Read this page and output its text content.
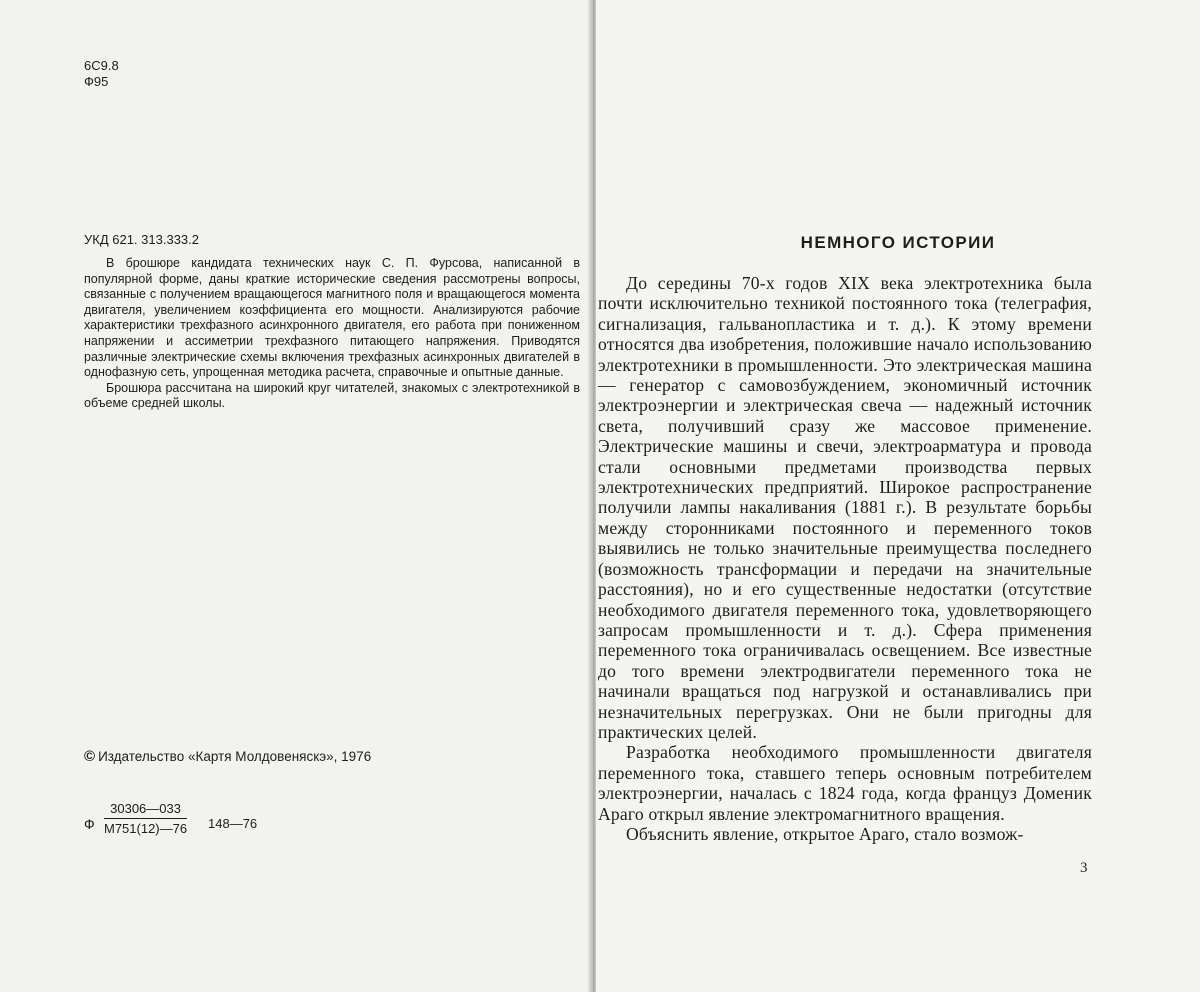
6С9.8
Ф95
УКД 621. 313.333.2

В брошюре кандидата технических наук С. П. Фурсова, написанной в популярной форме, даны краткие исторические сведения рассмотрены вопросы, связанные с получением вращающегося магнитного поля и вращающегося момента двигателя, увеличением коэффициента его мощности. Анализируются рабочие характеристики трехфазного асинхронного двигателя, его работа при пониженном напряжении и ассиметрии трехфазного питающего напряжения. Приводятся различные электрические схемы включения трехфазных асинхронных двигателей в однофазную сеть, упрощенная методика расчета, справочные и опытные данные.

Брошюра рассчитана на широкий круг читателей, знакомых с электротехникой в объеме средней школы.

© Издательство «Картя Молдовеняскэ», 1976
Ф
30306—033
М751(12)—76 148—76
НЕМНОГО ИСТОРИИ

До середины 70-х годов XIX века электротехника была почти исключительно техникой постоянного тока (телеграфия, сигнализация, гальванопластика и т. д.). К этому времени относятся два изобретения, положившие начало использованию электротехники в промышленности. Это электрическая машина — генератор с самовозбуждением, экономичный источник электроэнергии и электрическая свеча — надежный источник света, получивший сразу же массовое применение. Электрические машины и свечи, электроарматура и провода стали основными предметами производства первых электротехнических предприятий. Широкое распространение получили лампы накаливания (1881 г.). В результате борьбы между сторонниками постоянного и переменного токов выявились не только значительные преимущества последнего (возможность трансформации и передачи на значительные расстояния), но и его существенные недостатки (отсутствие необходимого двигателя переменного тока, удовлетворяющего запросам промышленности и т. д.). Сфера применения переменного тока ограничивалась освещением. Все известные до того времени электродвигатели переменного тока не начинали вращаться под нагрузкой и останавливались при незначительных перегрузках. Они не были пригодны для практических целей.

Разработка необходимого промышленности двигателя переменного тока, ставшего теперь основным потребителем электроэнергии, началась с 1824 года, когда француз Доменик Араго открыл явление электромагнитного вращения.

Объяснить явление, открытое Араго, стало возмож-

3
